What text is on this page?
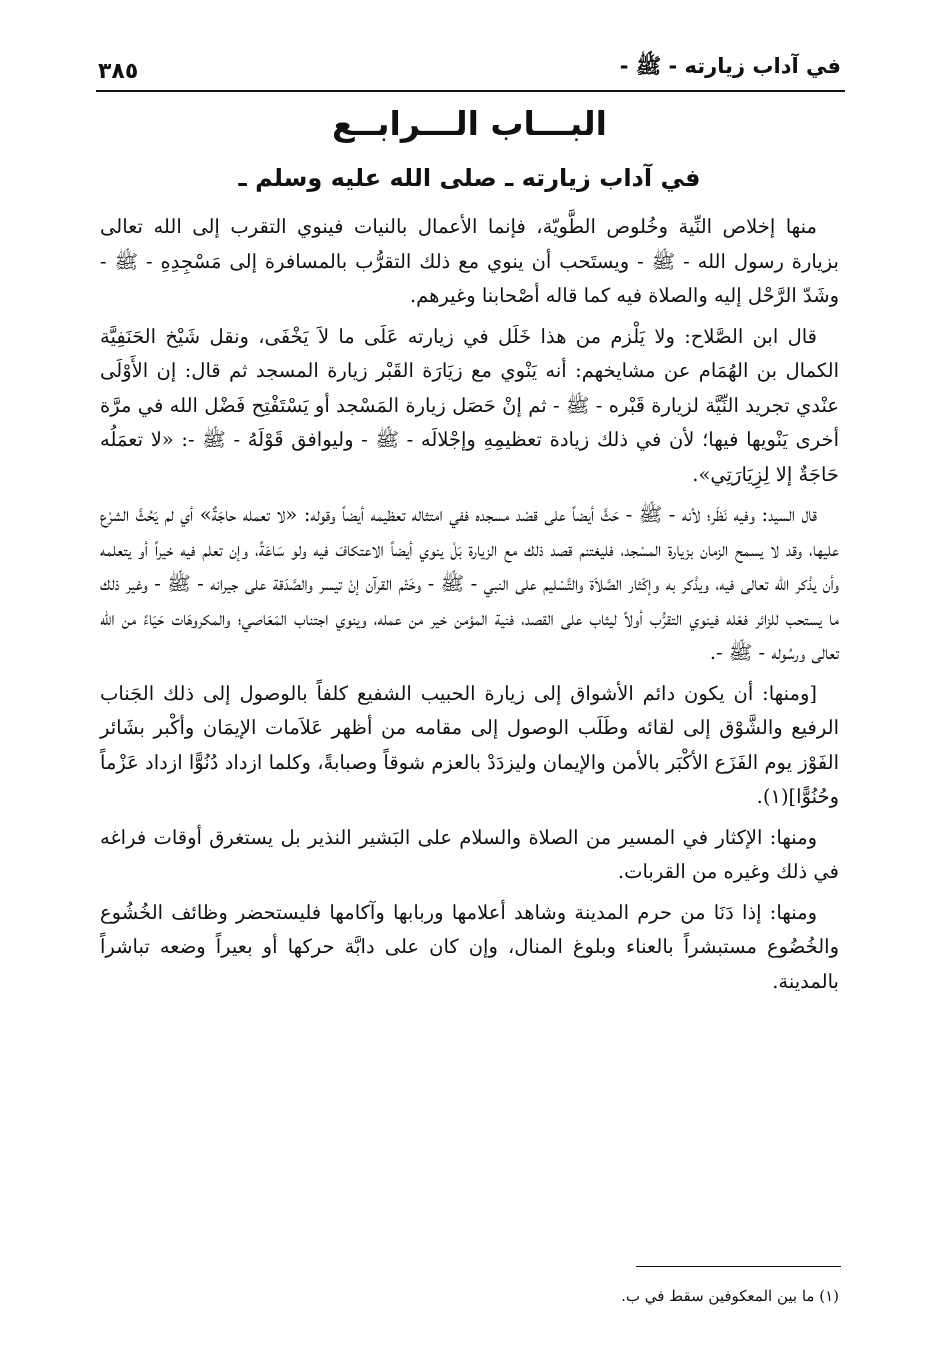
في آداب زيارته - ﷺ -
٣٨٥
البـــاب الـــرابــع
في آداب زيارته ـ صلى الله عليه وسلم ـ

منها إخلاص النِّية وخُلوص الطَّويّة، فإنما الأعمال بالنيات فينوي التقرب إلى الله تعالى بزيارة رسول الله - ﷺ - ويستَحب أن ينوي مع ذلك التقرُّب بالمسافرة إلى مَسْجِدِهِ - ﷺ - وشَدّ الرَّحْل إليه والصلاة فيه كما قاله أصْحابنا وغيرهم.

قال ابن الصَّلاح: ولا يَلْزم من هذا خَلَل في زيارته عَلَى ما لاَ يَخْفَى، ونقل شَيْخ الحَنَفِيَّة الكمال بن الهُمَام عن مشايخهم: أنه يَنْوي مع زيَارَة القَبْر زيارة المسجد ثم قال: إن الأَوْلَى عنْدي تجريد النِّيَّة لزيارة قَبْره - ﷺ - ثم إنْ حَصَل زيارة المَسْجد أو يَسْتَفْتِح فَضْل الله في مرَّة أخرى يَنْويها فيها؛ لأن في ذلك زيادة تعظيمِهِ وإجْلالَه - ﷺ - وليوافق قَوْلَهُ - ﷺ -: «لا تعمَلُه حَاجَةٌ إلا لِزِيَارَتِي».

قال السيد: وفيه نَظَر؛ لأنه - ﷺ - حَثَّ أيضاً على قصْد مسجده ففي امتثاله تعظيمه أيضاً وقوله: «لا تعمله حاجَةٌ» أي لم يَحُثَّ الشرْع عليها، وقد لا يسمح الزمان بزيارة المسْجد، فليغتنم قصد ذلك مع الزيارة بَلْ ينوي أيضاً الاعتكافَ فيه ولو سَاعَةً، وإن تعلم فيه خيراً أو يتعلمه وأن يذْكر الله تعالى فيه، ويذْكر به وإكْثار الصَّلاَة والتَّسْليم على النبي - ﷺ - وخَتْم القرآن إنْ تيسر والصَّدَقة على جيرانه - ﷺ - وغير ذلك ما يستحب للزائر فعْله فينوي التقرُّب أولاً ليثاب على القصد، فنية المؤمن خير من عمله، وينوي اجتناب المَعَاصي؛ والمكروهَات حَيَاءً من الله تعالى ورسُوله - ﷺ -.

[ومنها: أن يكون دائم الأشواق إلى زيارة الحبيب الشفيع كلفاً بالوصول إلى ذلك الجَناب الرفيع والشَّوْق إلى لقائه وطَلَب الوصول إلى مقامه من أظهر عَلاَمات الإيمَان وأكْبر بشَائر الفَوْز يوم الفَزَع الأكْبَر بالأمن والإيمان وليزدَدْ بالعزم شوقاً وصبابةً، وكلما ازداد دُنُوًّا ازداد عَزْماً وحُنُوًّا](١).

ومنها: الإكثار في المسير من الصلاة والسلام على البَشير النذير بل يستغرق أوقات فراغه في ذلك وغيره من القربات.

ومنها: إذا دَنَا من حرم المدينة وشاهد أعلامها وربابها وآكامها فليستحضر وظائف الخُشُوع والخُضُوع مستبشراً بالعناء وبلوغ المنال، وإن كان على دابَّة حركها أو بعيراً وضعه تباشراً بالمدينة.

(١) ما بين المعكوفين سقط في ب.
